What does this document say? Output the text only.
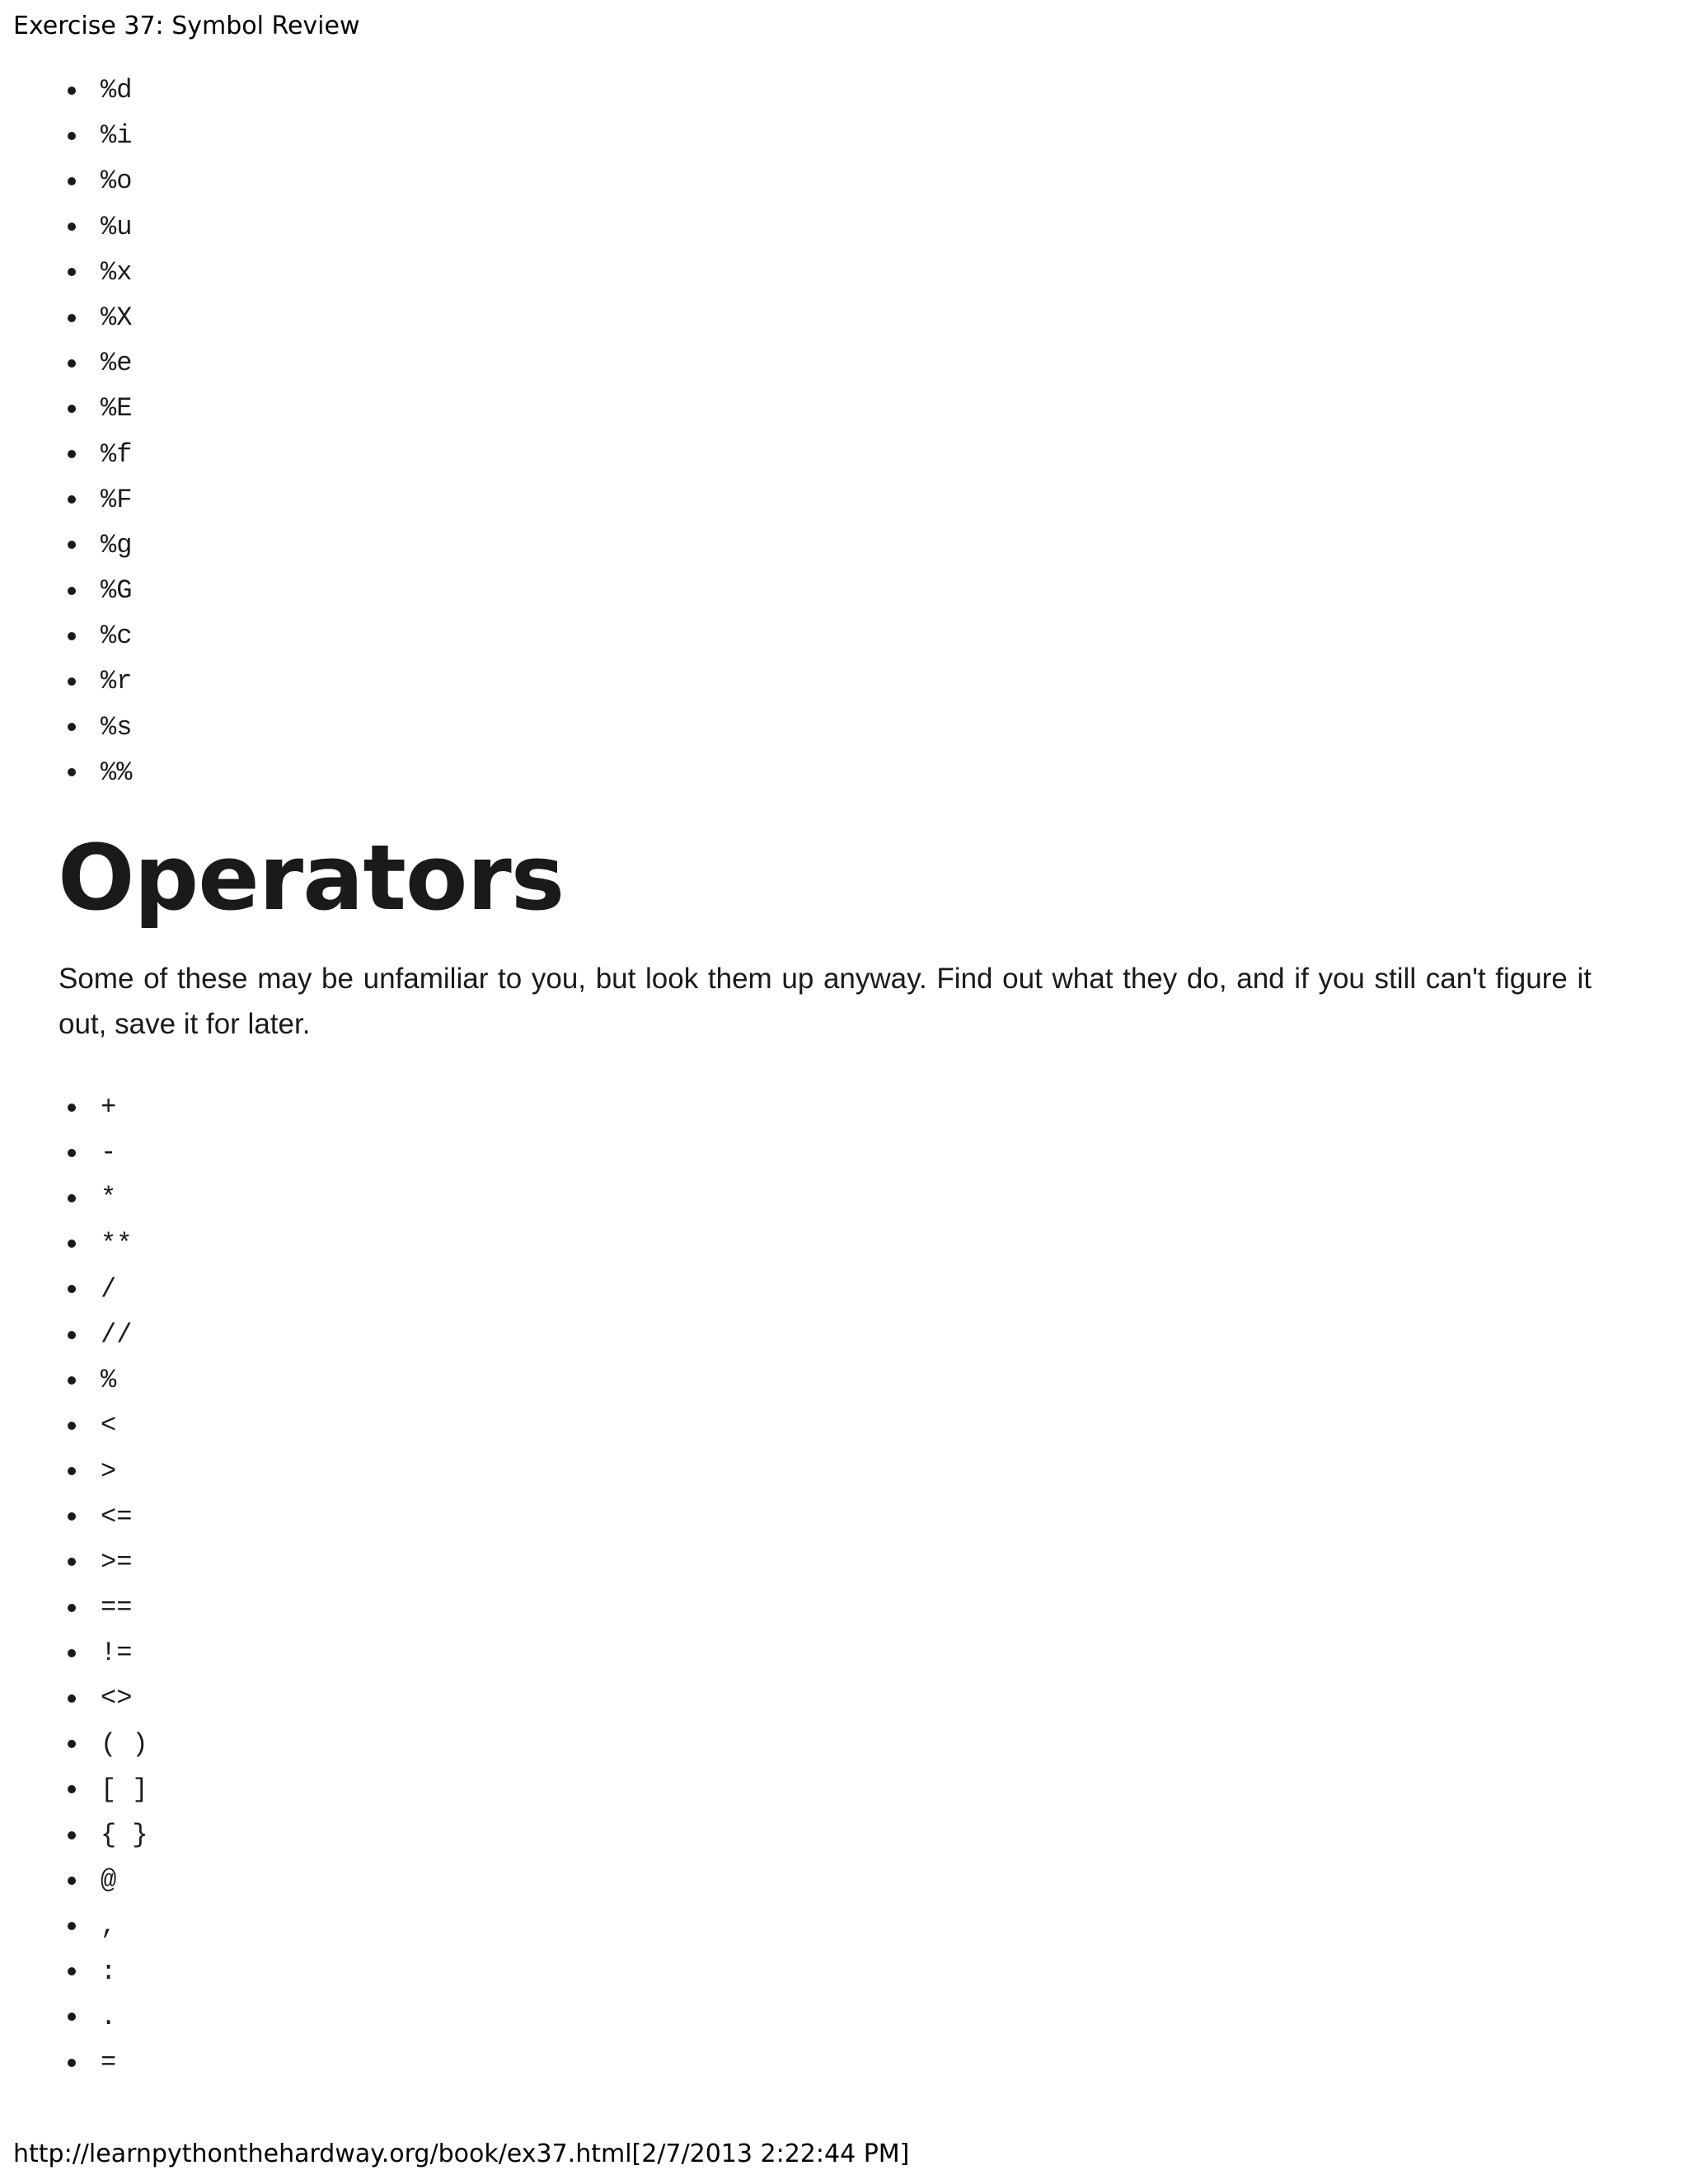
Exercise 37: Symbol Review
%d
%i
%o
%u
%x
%X
%e
%E
%f
%F
%g
%G
%c
%r
%s
%%
Operators

Some of these may be unfamiliar to you, but look them up anyway. Find out what they do, and if you still can't figure it out, save it for later.

+
-
*
**
/
//
%
<
>
<=
>=
==
!=
<>
( )
[ ]
{ }
@
,
:
.
=
http://learnpythonthehardway.org/book/ex37.html[2/7/2013 2:22:44 PM]
